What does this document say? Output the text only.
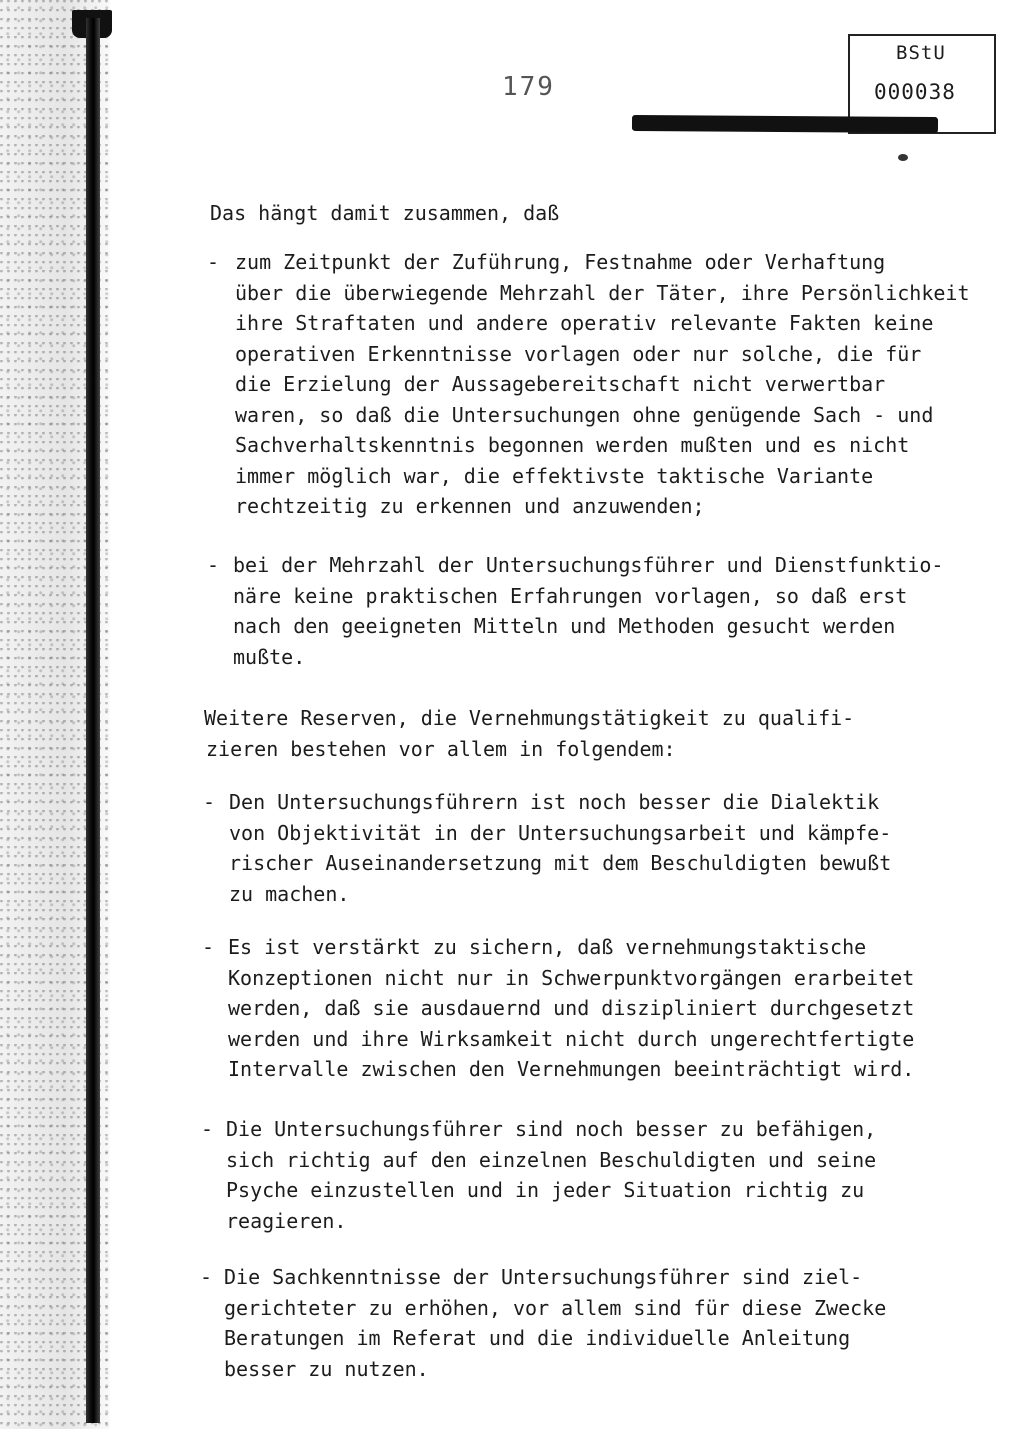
179
BStU
000038

Das hängt damit zusammen, daß

- zum Zeitpunkt der Zuführung, Festnahme oder Verhaftung

über die überwiegende Mehrzahl der Täter, ihre Persönlichkeit

ihre Straftaten und andere operativ relevante Fakten keine

operativen Erkenntnisse vorlagen oder nur solche, die für

die Erzielung der Aussagebereitschaft nicht verwertbar

waren, so daß die Untersuchungen ohne genügende Sach - und

Sachverhaltskenntnis begonnen werden mußten und es nicht

immer möglich war, die effektivste taktische Variante

rechtzeitig zu erkennen und anzuwenden;

- bei der Mehrzahl der Untersuchungsführer und Dienstfunktio-

näre keine praktischen Erfahrungen vorlagen, so daß erst

nach den geeigneten Mitteln und Methoden gesucht werden

mußte.

Weitere Reserven, die Vernehmungstätigkeit zu qualifi-

zieren bestehen vor allem in folgendem:

- Den Untersuchungsführern ist noch besser die Dialektik

von Objektivität in der Untersuchungsarbeit und kämpfe-

rischer Auseinandersetzung mit dem Beschuldigten bewußt

zu machen.

- Es ist verstärkt zu sichern, daß vernehmungstaktische

Konzeptionen nicht nur in Schwerpunktvorgängen erarbeitet

werden, daß sie ausdauernd und diszipliniert durchgesetzt

werden und ihre Wirksamkeit nicht durch ungerechtfertigte

Intervalle zwischen den Vernehmungen beeinträchtigt wird.

- Die Untersuchungsführer sind noch besser zu befähigen,

sich richtig auf den einzelnen Beschuldigten und seine

Psyche einzustellen und in jeder Situation richtig zu

reagieren.

- Die Sachkenntnisse der Untersuchungsführer sind ziel-

gerichteter zu erhöhen, vor allem sind für diese Zwecke

Beratungen im Referat und die individuelle Anleitung

besser zu nutzen.
